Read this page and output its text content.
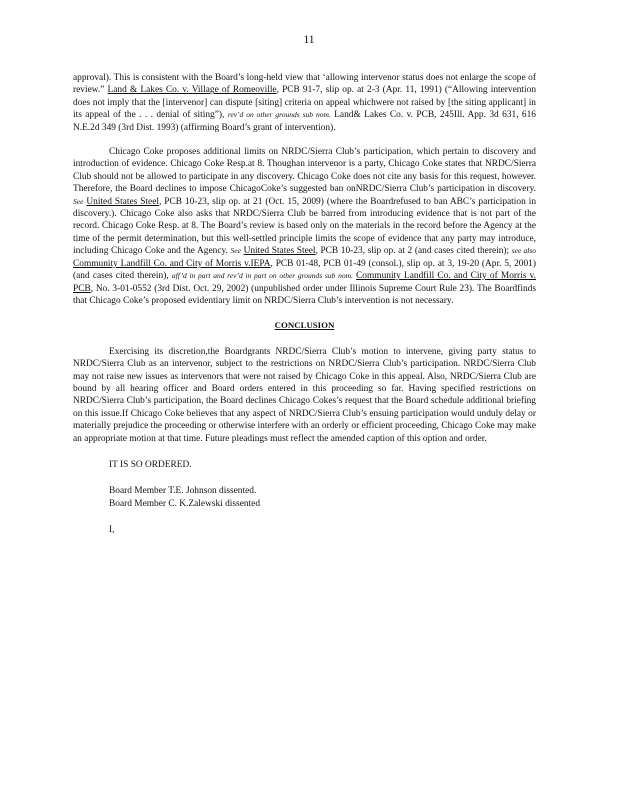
11

approval). This is consistent with the Board’s long-held view that ‘allowing intervenor status does not enlarge the scope of review.” Land & Lakes Co. v. Village of Romeoville, PCB 91-7, slip op. at 2-3 (Apr. 11, 1991) (“Allowing intervention does not imply that the [intervenor] can dispute [siting] criteria on appeal whichwere not raised by [the siting applicant] in its appeal of the . . . denial of siting”), rev’d on other grounds sub nom. Land& Lakes Co. v. PCB, 245Ill. App. 3d 631, 616 N.E.2d 349 (3rd Dist. 1993) (affirming Board’s grant of intervention).

Chicago Coke proposes additional limits on NRDC/Sierra Club’s participation, which pertain to discovery and introduction of evidence. Chicago Coke Resp.at 8. Thoughan intervenor is a party, Chicago Coke states that NRDC/Sierra Club should not be allowed to participate in any discovery. Chicago Coke does not cite any basis for this request, however. Therefore, the Board declines to impose ChicagoCoke’s suggested ban onNRDC/Sierra Club’s participation in discovery. See United States Steel, PCB 10-23, slip op. at 21 (Oct. 15, 2009) (where the Boardrefused to ban ABC’s participation in discovery.). Chicago Coke also asks that NRDC/Sierra Club be barred from introducing evidence that is not part of the record. Chicago Coke Resp. at 8. The Board’s review is based only on the materials in the record before the Agency at the time of the permit determination, but this well-settled principle limits the scope of evidence that any party may introduce, including Chicago Coke and the Agency. See United States Steel, PCB 10-23, slip op. at 2 (and cases cited therein); see also Community Landfill Co. and City of Morris v.IEPA, PCB 01-48, PCB 01-49 (consol.), slip op. at 3, 19-20 (Apr. 5, 2001) (and cases cited therein), aff’d in part and rev’d in part on other grounds sub nom. Community Landfill Co. and City of Morris v. PCB, No. 3-01-0552 (3rd Dist. Oct. 29, 2002) (unpublished order under Illinois Supreme Court Rule 23). The Boardfinds that Chicago Coke’s proposed evidentiary limit on NRDC/Sierra Club’s intervention is not necessary.

CONCLUSION

Exercising its discretion,the Boardgrants NRDC/Sierra Club’s motion to intervene, giving party status to NRDC/Sierra Club as an intervenor, subject to the restrictions on NRDC/Sierra Club’s participation. NRDC/Sierra Club may not raise new issues as intervenors that were not raised by Chicago Coke in this appeal. Also, NRDC/Sierra Club are bound by all hearing officer and Board orders entered in this proceeding so far. Having specified restrictions on NRDC/Sierra Club’s participation, the Board declines Chicago Cokes’s request that the Board schedule additional briefing on this issue.If Chicago Coke believes that any aspect of NRDC/Sierra Club’s ensuing participation would unduly delay or materially prejudice the proceeding or otherwise interfere with an orderly or efficient proceeding, Chicago Coke may make an appropriate motion at that time. Future pleadings must reflect the amended caption of this option and order.

IT IS SO ORDERED.

Board Member T.E. Johnson dissented.

Board Member C. K.Zalewski dissented

I,
